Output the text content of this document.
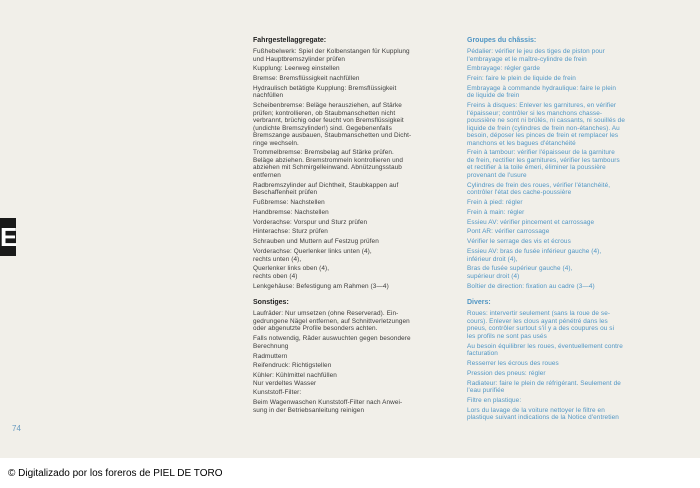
E
74
Fahrgestellaggregate:
Fußhebelwerk: Spiel der Kolbenstangen für Kupplung
und Hauptbremszylinder prüfen
Kupplung: Leerweg einstellen
Bremse: Bremsflüssigkeit nachfüllen
Hydraulisch betätigte Kupplung: Bremsflüssigkeit
nachfüllen
Scheibenbremse: Beläge herausziehen, auf Stärke
prüfen; kontrollieren, ob Staubmanschetten nicht
verbrannt, brüchig oder feucht von Bremsflüssigkeit
(undichte Bremszylinder!) sind. Gegebenenfalls
Bremszange ausbauen, Staubmanschetten und Dicht-
ringe wechseln.
Trommelbremse: Bremsbelag auf Stärke prüfen.
Beläge abziehen. Bremstrommeln kontrollieren und
abziehen mit Schmirgelleinwand. Abnützungsstaub
entfernen
Radbremszylinder auf Dichtheit, Staubkappen auf
Beschaffenheit prüfen
Fußbremse: Nachstellen
Handbremse: Nachstellen
Vorderachse: Vorspur und Sturz prüfen
Hinterachse: Sturz prüfen
Schrauben und Muttern auf Festzug prüfen
Vorderachse: Querlenker links unten (4),
rechts unten (4),
Querlenker links oben (4),
rechts oben (4)
Lenkgehäuse: Befestigung am Rahmen (3—4)
Sonstiges:
Laufräder: Nur umsetzen (ohne Reserverad). Ein-
gedrungene Nägel entfernen, auf Schnittverletzungen
oder abgenutzte Profile besonders achten.
Falls notwendig, Räder auswuchten gegen besondere
Berechnung
Radmuttern
Reifendruck: Richtigstellen
Kühler: Kühlmittel nachfüllen
Nur verdeltes Wasser
Kunststoff-Filter:
Beim Wagenwaschen Kunststoff-Filter nach Anwei-
sung in der Betriebsanleitung reinigen
Groupes du châssis:
Pédalier: vérifier le jeu des tiges de piston pour
l'embrayage et le maître-cylindre de frein
Embrayage: régler garde
Frein: faire le plein de liquide de frein
Embrayage à commande hydraulique: faire le plein
de liquide de frein
Freins à disques: Enlever les garnitures, en vérifier
l'épaisseur; contrôler si les manchons chasse-
poussière ne sont ni brûlés, ni cassants, ni souillés de
liquide de frein (cylindres de frein non-étanches). Au
besoin, déposer les pinces de frein et remplacer les
manchons et les bagues d'étanchéité
Frein à tambour: vérifier l'épaisseur de la garniture
de frein, rectifier les garnitures, vérifier les tambours
et rectifier à la toile émeri, éliminer la poussière
provenant de l'usure
Cylindres de frein des roues, vérifier l'étanchéité,
contrôler l'état des cache-poussière
Frein à pied: régler
Frein à main: régler
Essieu AV: vérifier pincement et carrossage
Pont AR: vérifier carrossage
Vérifier le serrage des vis et écrous
Essieu AV: bras de fusée inférieur gauche (4),
inférieur droit (4),
Bras de fusée supérieur gauche (4),
supérieur droit (4)
Boîtier de direction: fixation au cadre (3—4)
Divers:
Roues: intervertir seulement (sans la roue de se-
cours). Enlever les clous ayant pénétré dans les
pneus, contrôler surtout s'il y a des coupures ou si
les profils ne sont pas usés
Au besoin équilibrer les roues, éventuellement contre
facturation
Resserrer les écrous des roues
Pression des pneus: régler
Radiateur: faire le plein de réfrigérant. Seulement de
l'eau purifiée
Filtre en plastique:
Lors du lavage de la voiture nettoyer le filtre en
plastique suivant indications de la Notice d'entretien
© Digitalizado por los foreros de PIEL DE TORO
